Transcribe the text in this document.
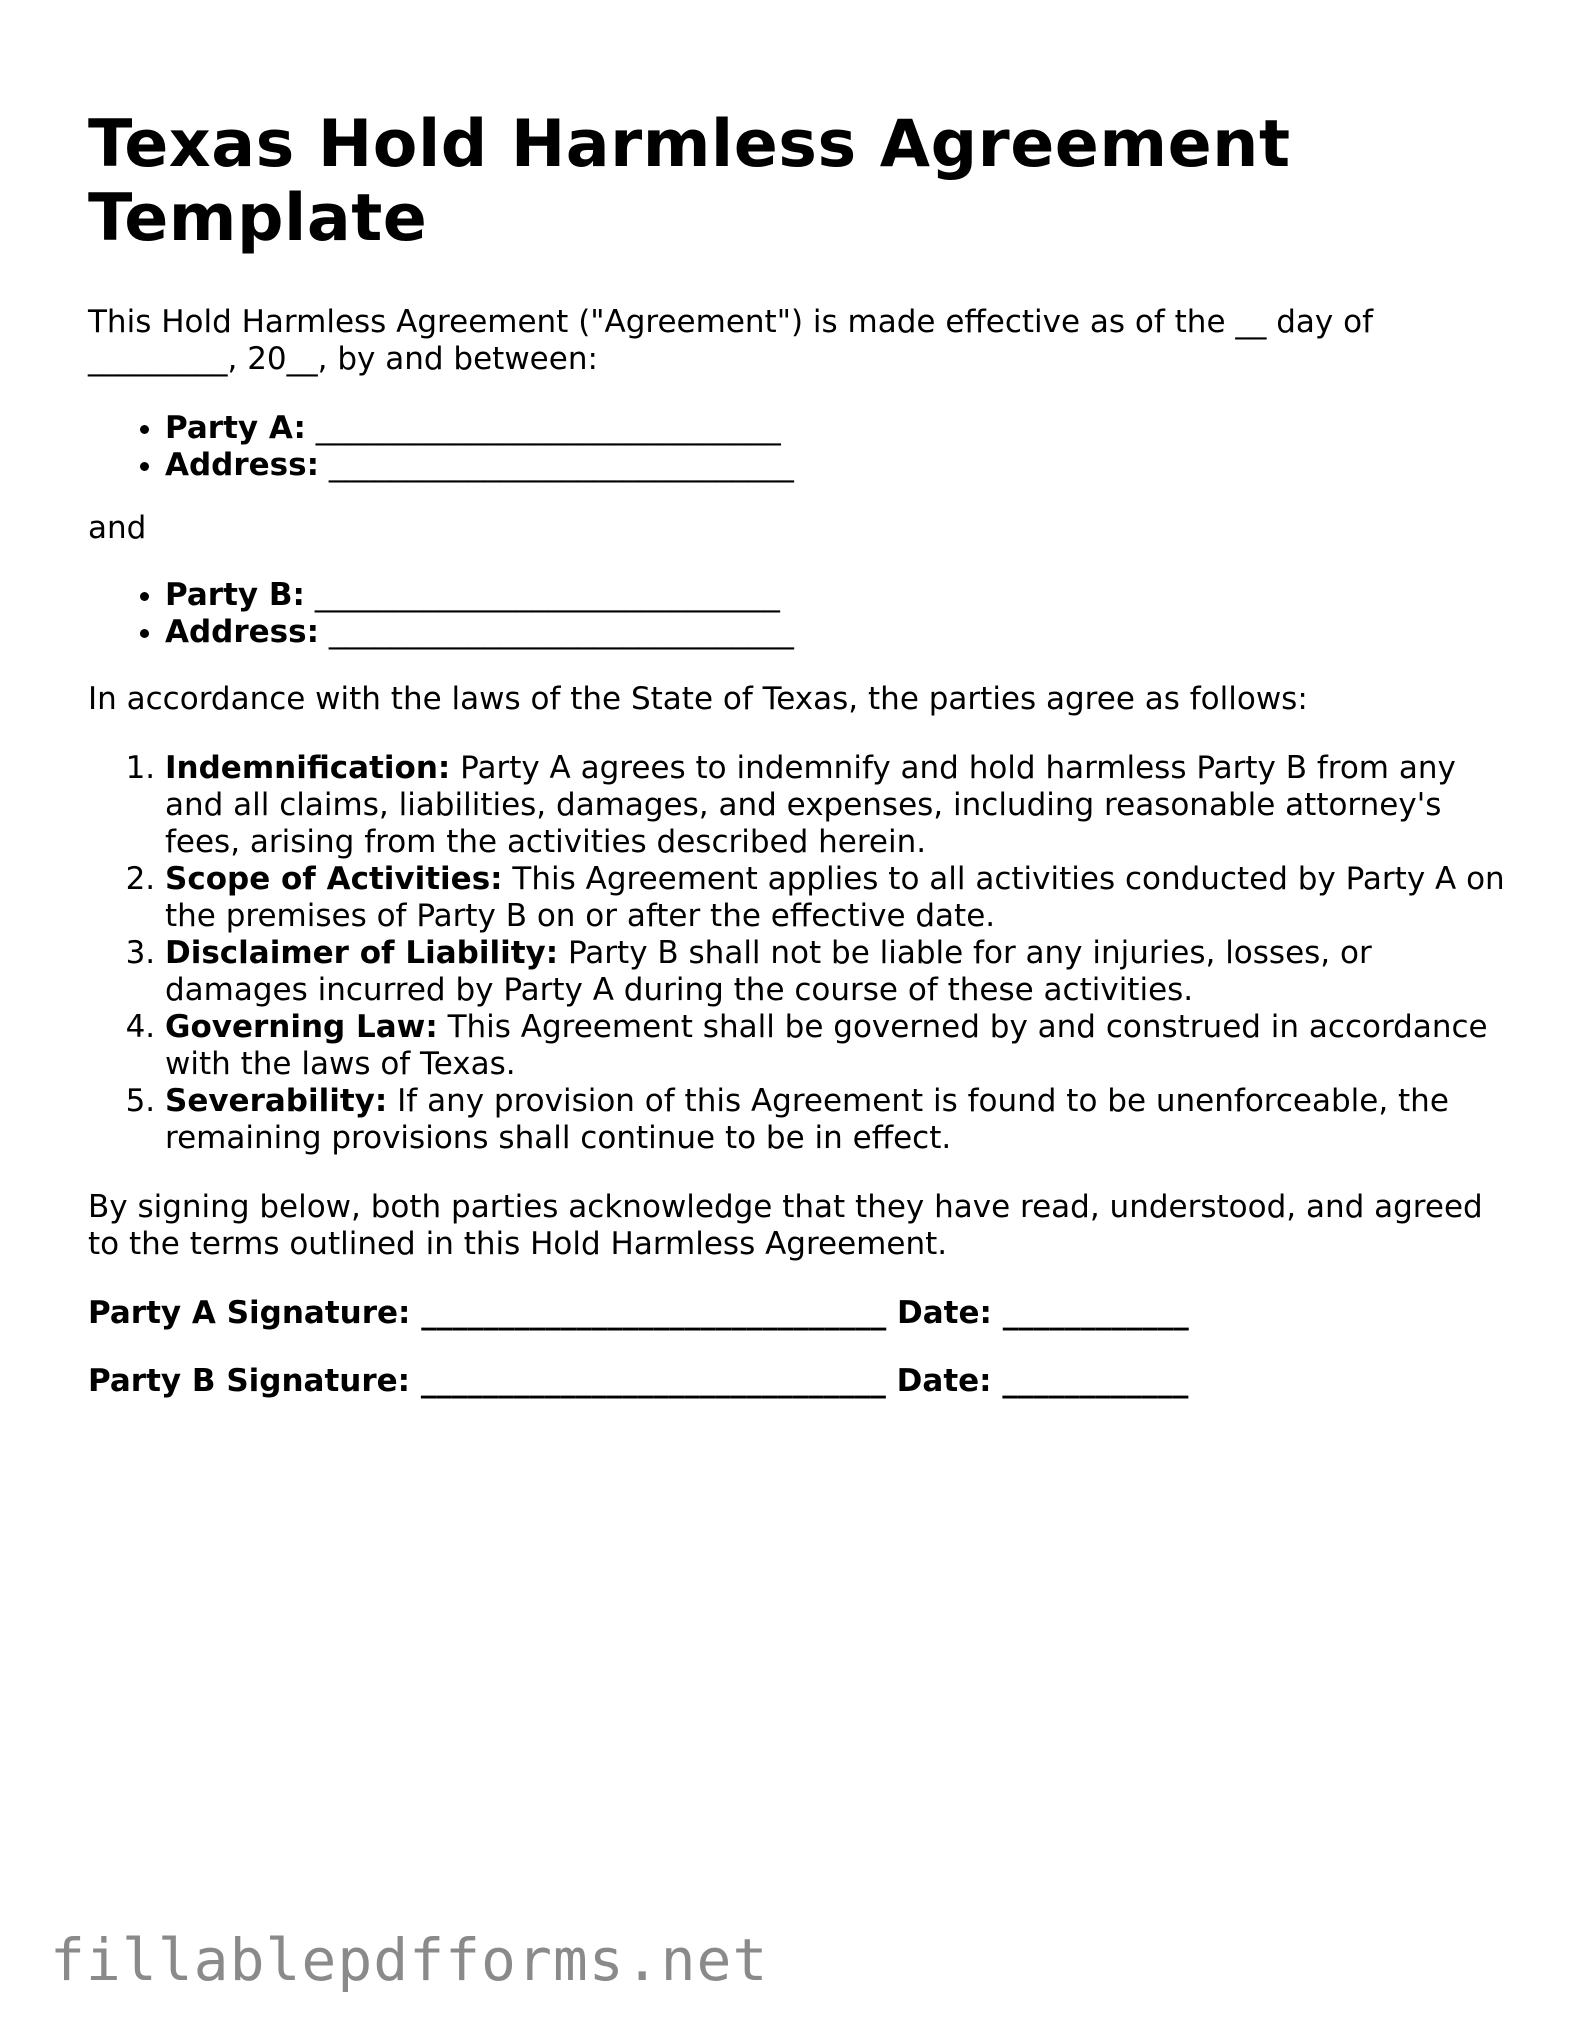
Texas Hold Harmless Agreement Template

This Hold Harmless Agreement ("Agreement") is made effective as of the __ day of
_________, 20__, by and between:

• Party A: ______________________________
• Address: ______________________________

and

• Party B: ______________________________
• Address: ______________________________

In accordance with the laws of the State of Texas, the parties agree as follows:

1. Indemnification: Party A agrees to indemnify and hold harmless Party B from any and all claims, liabilities, damages, and expenses, including reasonable attorney's fees, arising from the activities described herein.
2. Scope of Activities: This Agreement applies to all activities conducted by Party A on the premises of Party B on or after the effective date.
3. Disclaimer of Liability: Party B shall not be liable for any injuries, losses, or damages incurred by Party A during the course of these activities.
4. Governing Law: This Agreement shall be governed by and construed in accordance with the laws of Texas.
5. Severability: If any provision of this Agreement is found to be unenforceable, the remaining provisions shall continue to be in effect.

By signing below, both parties acknowledge that they have read, understood, and agreed to the terms outlined in this Hold Harmless Agreement.

Party A Signature: ______________________________ Date: ____________
Party B Signature: ______________________________ Date: ____________
fillablepdfforms.net
